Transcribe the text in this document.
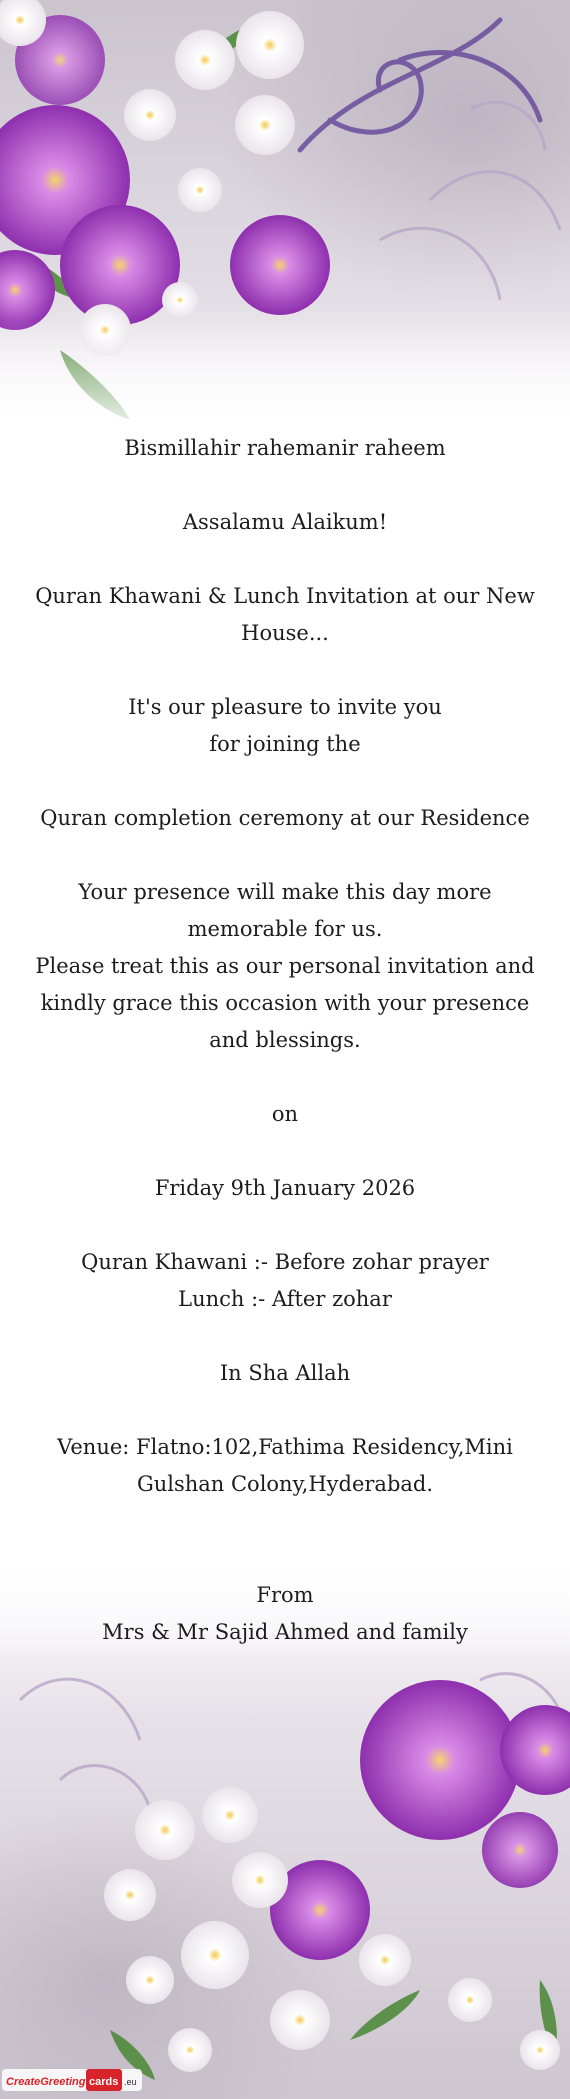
Bismillahir rahemanir raheem

Assalamu Alaikum!

Quran Khawani & Lunch Invitation at our New House...

It's our pleasure to invite you

for joining the

Quran completion ceremony at our Residence

Your presence will make this day more memorable for us.

Please treat this as our personal invitation and kindly grace this occasion with your presence and blessings.

on

Friday 9th January 2026

Quran Khawani :- Before zohar prayer

Lunch :- After zohar

In Sha Allah

Venue: Flatno:102,Fathima Residency,Mini Gulshan Colony,Hyderabad.

From

Mrs & Mr Sajid Ahmed and family

CreateGreeting cards .eu
